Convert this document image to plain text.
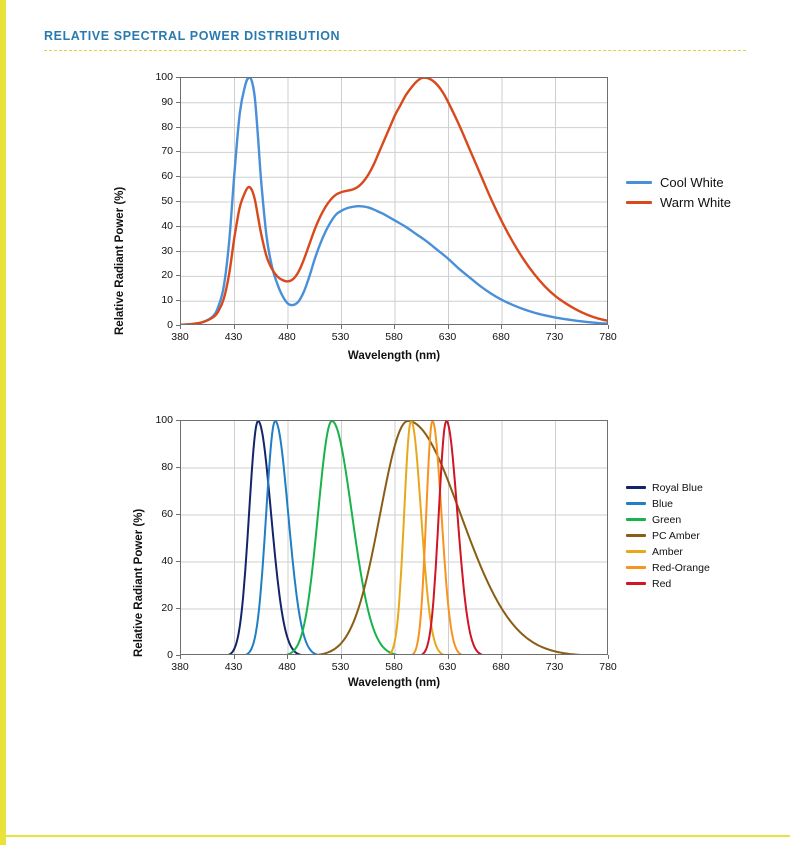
RELATIVE SPECTRAL POWER DISTRIBUTION
Relative Radiant Power (%)	0
10
20
30
40
50
60
70
80
90
100
380	430	480	530	580	630	680	730	780
Wavelength (nm)
Cool White
Warm White
Relative Radiant Power (%) 0
20
40
60
80
100
380	430	480	530	580	630	680	730	780
Wavelength (nm)
Royal Blue
Blue
Green
PC Amber
Amber
Red-Orange
Red
